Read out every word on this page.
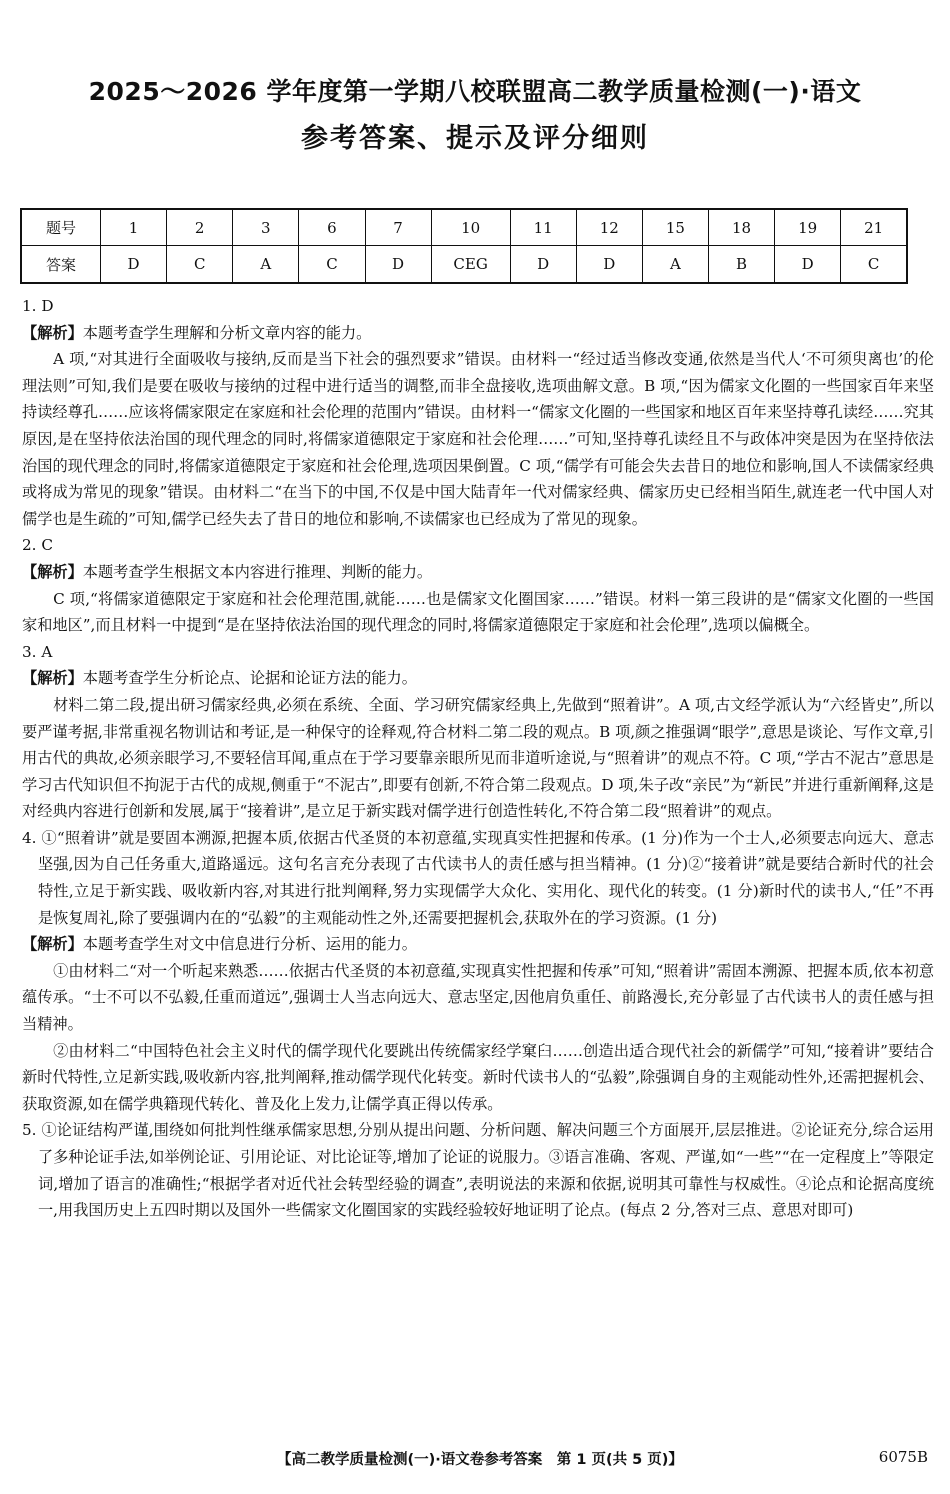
2025～2026 学年度第一学期八校联盟高二教学质量检测(一)·语文
参考答案、提示及评分细则
题号	1	2	3	6	7	10	11	12	15	18	19	21
答案	D	C	A	C	D	CEG	D	D	A	B	D	C

1. D

【解析】本题考查学生理解和分析文章内容的能力。

A 项,“对其进行全面吸收与接纳,反而是当下社会的强烈要求”错误。由材料一“经过适当修改变通,依然是当代人‘不可须臾离也’的伦理法则”可知,我们是要在吸收与接纳的过程中进行适当的调整,而非全盘接收,选项曲解文意。B 项,“因为儒家文化圈的一些国家百年来坚持读经尊孔……应该将儒家限定在家庭和社会伦理的范围内”错误。由材料一“儒家文化圈的一些国家和地区百年来坚持尊孔读经……究其原因,是在坚持依法治国的现代理念的同时,将儒家道德限定于家庭和社会伦理……”可知,坚持尊孔读经且不与政体冲突是因为在坚持依法治国的现代理念的同时,将儒家道德限定于家庭和社会伦理,选项因果倒置。C 项,“儒学有可能会失去昔日的地位和影响,国人不读儒家经典或将成为常见的现象”错误。由材料二“在当下的中国,不仅是中国大陆青年一代对儒家经典、儒家历史已经相当陌生,就连老一代中国人对儒学也是生疏的”可知,儒学已经失去了昔日的地位和影响,不读儒家也已经成为了常见的现象。

2. C

【解析】本题考查学生根据文本内容进行推理、判断的能力。

C 项,“将儒家道德限定于家庭和社会伦理范围,就能……也是儒家文化圈国家……”错误。材料一第三段讲的是“儒家文化圈的一些国家和地区”,而且材料一中提到“是在坚持依法治国的现代理念的同时,将儒家道德限定于家庭和社会伦理”,选项以偏概全。

3. A

【解析】本题考查学生分析论点、论据和论证方法的能力。

材料二第二段,提出研习儒家经典,必须在系统、全面、学习研究儒家经典上,先做到“照着讲”。A 项,古文经学派认为“六经皆史”,所以要严谨考据,非常重视名物训诂和考证,是一种保守的诠释观,符合材料二第二段的观点。B 项,颜之推强调“眼学”,意思是谈论、写作文章,引用古代的典故,必须亲眼学习,不要轻信耳闻,重点在于学习要靠亲眼所见而非道听途说,与“照着讲”的观点不符。C 项,“学古不泥古”意思是学习古代知识但不拘泥于古代的成规,侧重于“不泥古”,即要有创新,不符合第二段观点。D 项,朱子改“亲民”为“新民”并进行重新阐释,这是对经典内容进行创新和发展,属于“接着讲”,是立足于新实践对儒学进行创造性转化,不符合第二段“照着讲”的观点。

4. ①“照着讲”就是要固本溯源,把握本质,依据古代圣贤的本初意蕴,实现真实性把握和传承。(1 分)作为一个士人,必须要志向远大、意志坚强,因为自己任务重大,道路遥远。这句名言充分表现了古代读书人的责任感与担当精神。(1 分)②“接着讲”就是要结合新时代的社会特性,立足于新实践、吸收新内容,对其进行批判阐释,努力实现儒学大众化、实用化、现代化的转变。(1 分)新时代的读书人,“任”不再是恢复周礼,除了要强调内在的“弘毅”的主观能动性之外,还需要把握机会,获取外在的学习资源。(1 分)

【解析】本题考查学生对文中信息进行分析、运用的能力。

①由材料二“对一个听起来熟悉……依据古代圣贤的本初意蕴,实现真实性把握和传承”可知,“照着讲”需固本溯源、把握本质,依本初意蕴传承。“士不可以不弘毅,任重而道远”,强调士人当志向远大、意志坚定,因他肩负重任、前路漫长,充分彰显了古代读书人的责任感与担当精神。

②由材料二“中国特色社会主义时代的儒学现代化要跳出传统儒家经学窠臼……创造出适合现代社会的新儒学”可知,“接着讲”要结合新时代特性,立足新实践,吸收新内容,批判阐释,推动儒学现代化转变。新时代读书人的“弘毅”,除强调自身的主观能动性外,还需把握机会、获取资源,如在儒学典籍现代转化、普及化上发力,让儒学真正得以传承。

5. ①论证结构严谨,围绕如何批判性继承儒家思想,分别从提出问题、分析问题、解决问题三个方面展开,层层推进。②论证充分,综合运用了多种论证手法,如举例论证、引用论证、对比论证等,增加了论证的说服力。③语言准确、客观、严谨,如“一些”“在一定程度上”等限定词,增加了语言的准确性;“根据学者对近代社会转型经验的调查”,表明说法的来源和依据,说明其可靠性与权威性。④论点和论据高度统一,用我国历史上五四时期以及国外一些儒家文化圈国家的实践经验较好地证明了论点。(每点 2 分,答对三点、意思对即可)

【高二教学质量检测(一)·语文卷参考答案　第 1 页(共 5 页)】	6075B
